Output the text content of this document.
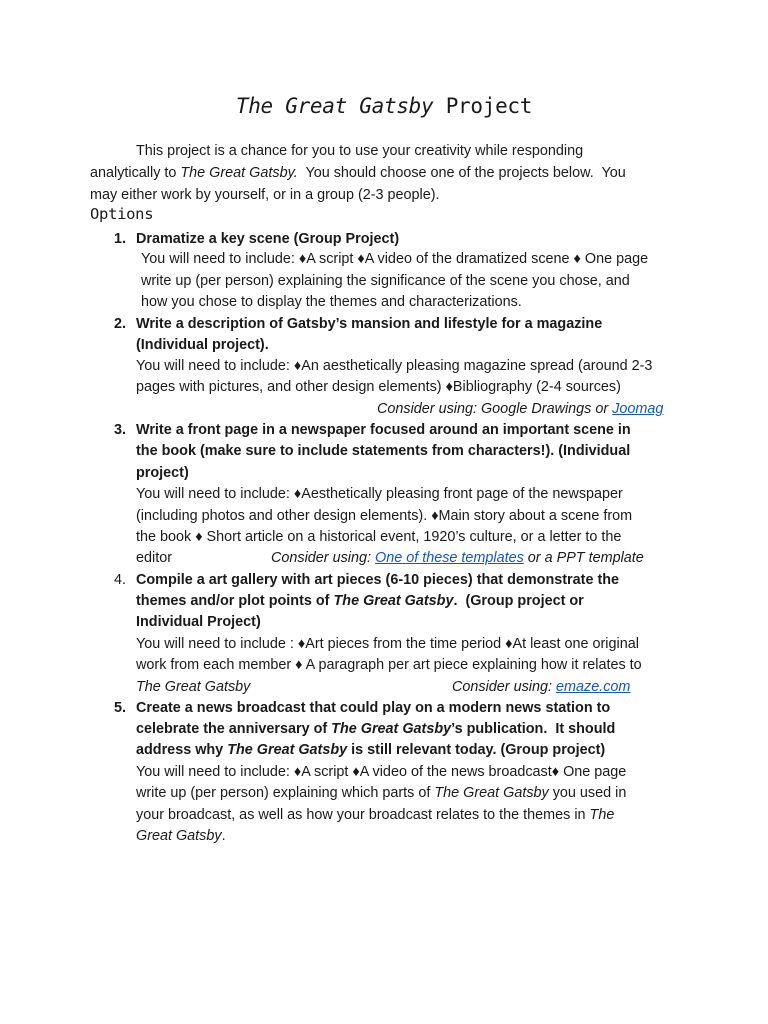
The Great Gatsby Project
This project is a chance for you to use your creativity while responding
analytically to The Great Gatsby.  You should choose one of the projects below.  You
may either work by yourself, or in a group (2-3 people).
Options
1. Dramatize a key scene (Group Project)
You will need to include: ♦A script ♦A video of the dramatized scene ♦ One page
write up (per person) explaining the significance of the scene you chose, and
how you chose to display the themes and characterizations.
2. Write a description of Gatsby’s mansion and lifestyle for a magazine
(Individual project).
You will need to include: ♦An aesthetically pleasing magazine spread (around 2-3
pages with pictures, and other design elements) ♦Bibliography (2-4 sources)
Consider using: Google Drawings or Joomag
3. Write a front page in a newspaper focused around an important scene in
the book (make sure to include statements from characters!). (Individual
project)
You will need to include: ♦Aesthetically pleasing front page of the newspaper
(including photos and other design elements). ♦Main story about a scene from
the book ♦ Short article on a historical event, 1920’s culture, or a letter to the
editor	Consider using: One of these templates or a PPT template
4. Compile a art gallery with art pieces (6-10 pieces) that demonstrate the
themes and/or plot points of The Great Gatsby.  (Group project or
Individual Project)
You will need to include : ♦Art pieces from the time period ♦At least one original
work from each member ♦ A paragraph per art piece explaining how it relates to
The Great Gatsby	Consider using: emaze.com
5. Create a news broadcast that could play on a modern news station to
celebrate the anniversary of The Great Gatsby’s publication.  It should
address why The Great Gatsby is still relevant today. (Group project)
You will need to include: ♦A script ♦A video of the news broadcast♦ One page
write up (per person) explaining which parts of The Great Gatsby you used in
your broadcast, as well as how your broadcast relates to the themes in The
Great Gatsby.
